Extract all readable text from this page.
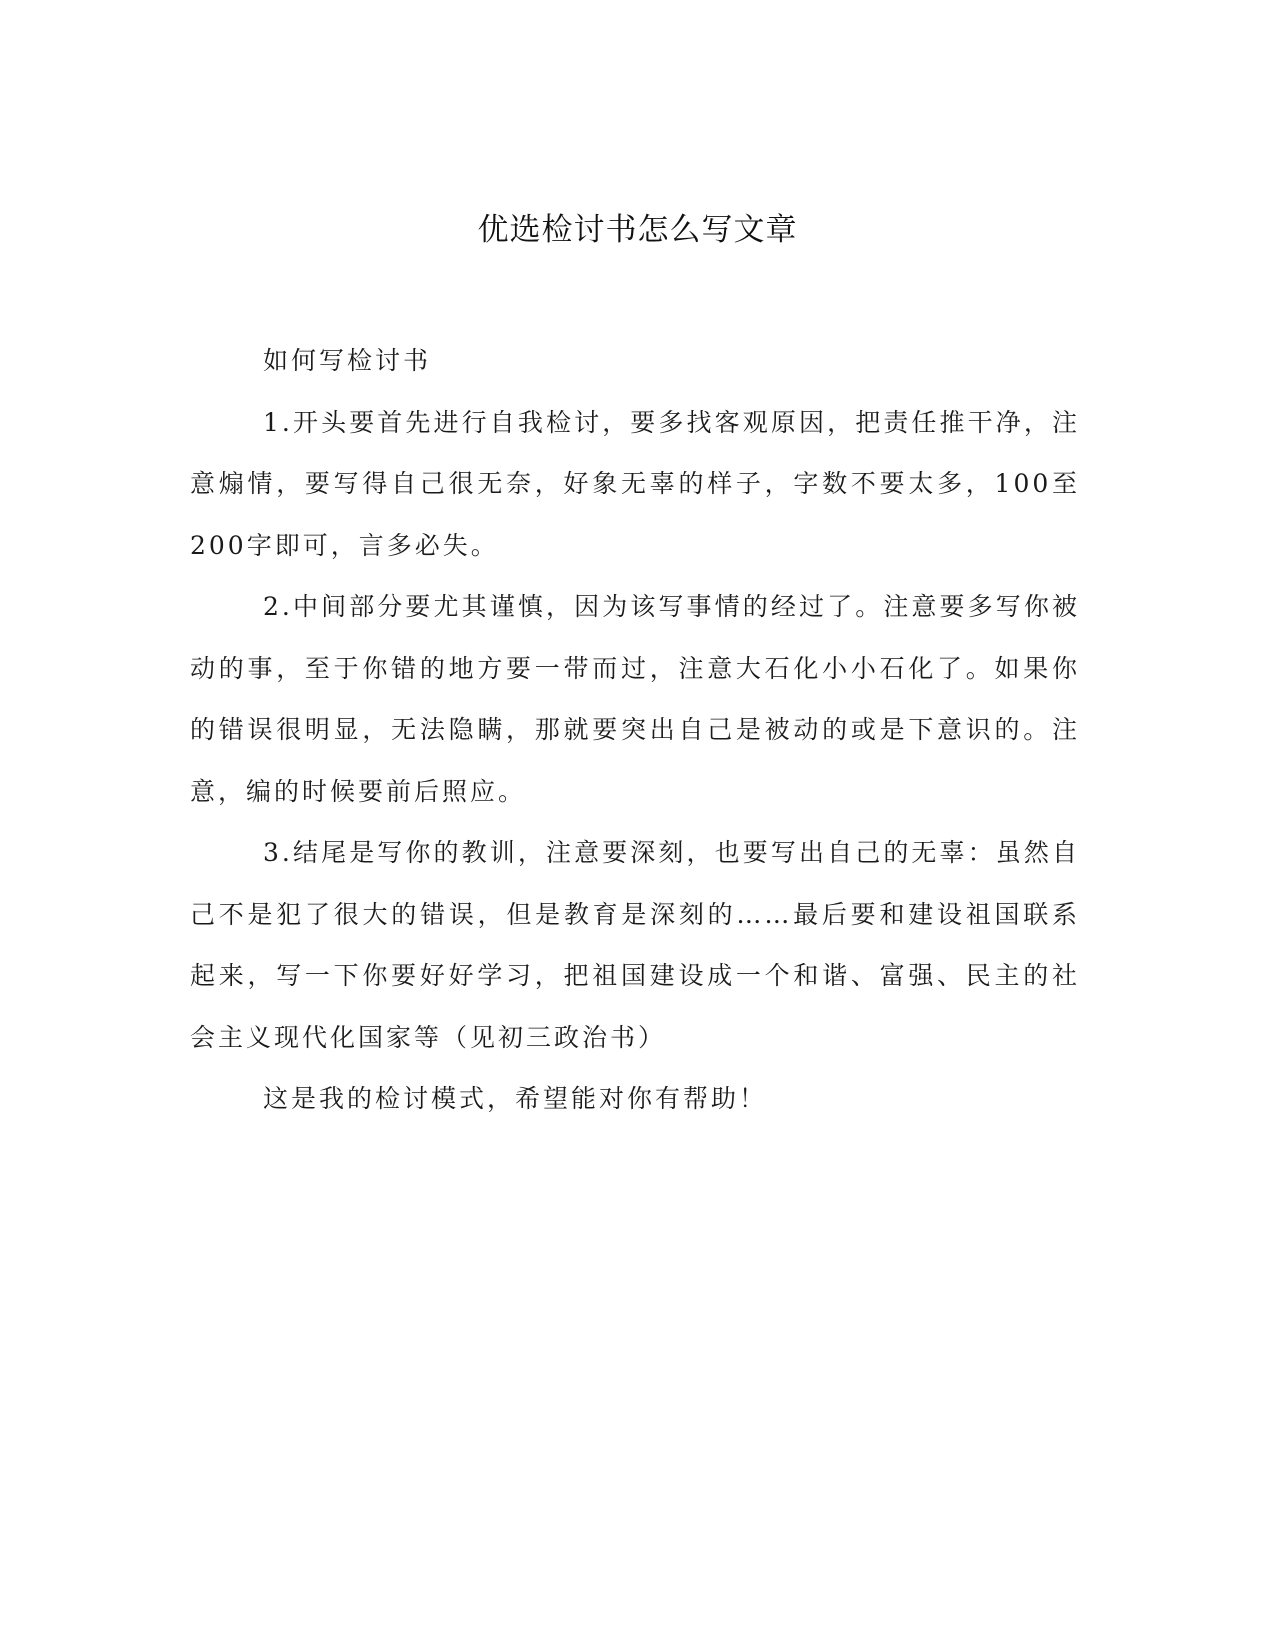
优选检讨书怎么写文章

如何写检讨书

1.开头要首先进行自我检讨，要多找客观原因，把责任推干净，注意煽情，要写得自己很无奈，好象无辜的样子，字数不要太多，100至200字即可，言多必失。

2.中间部分要尤其谨慎，因为该写事情的经过了。注意要多写你被动的事，至于你错的地方要一带而过，注意大石化小小石化了。如果你的错误很明显，无法隐瞒，那就要突出自己是被动的或是下意识的。注意，编的时候要前后照应。

3.结尾是写你的教训，注意要深刻，也要写出自己的无辜：虽然自己不是犯了很大的错误，但是教育是深刻的……最后要和建设祖国联系起来，写一下你要好好学习，把祖国建设成一个和谐、富强、民主的社会主义现代化国家等（见初三政治书）

这是我的检讨模式，希望能对你有帮助！
